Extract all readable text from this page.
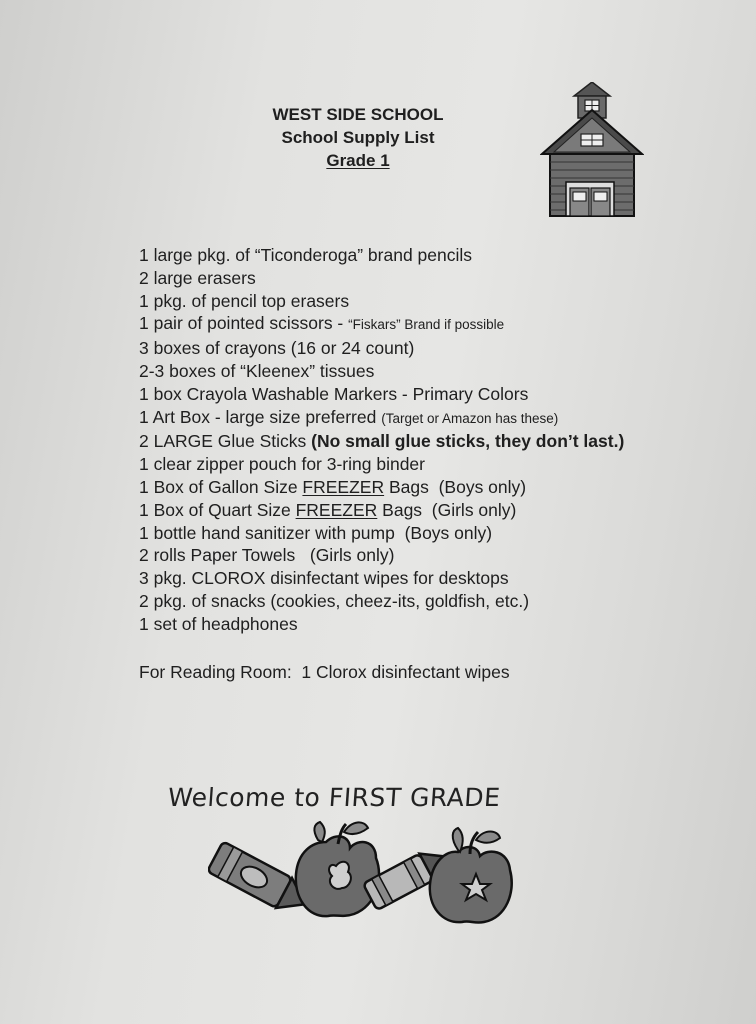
WEST SIDE SCHOOL
School Supply List
Grade 1
1 large pkg. of “Ticonderoga” brand pencils
2 large erasers
1 pkg. of pencil top erasers
1 pair of pointed scissors - “Fiskars” Brand if possible
3 boxes of crayons (16 or 24 count)
2-3 boxes of “Kleenex” tissues
1 box Crayola Washable Markers - Primary Colors
1 Art Box - large size preferred (Target or Amazon has these)
2 LARGE Glue Sticks (No small glue sticks, they don’t last.)
1 clear zipper pouch for 3-ring binder
1 Box of Gallon Size FREEZER Bags  (Boys only)
1 Box of Quart Size FREEZER Bags  (Girls only)
1 bottle hand sanitizer with pump  (Boys only)
2 rolls Paper Towels   (Girls only)
3 pkg. CLOROX disinfectant wipes for desktops
2 pkg. of snacks (cookies, cheez-its, goldfish, etc.)
1 set of headphones
For Reading Room:  1 Clorox disinfectant wipes
Welcome to FIRST GRADE
